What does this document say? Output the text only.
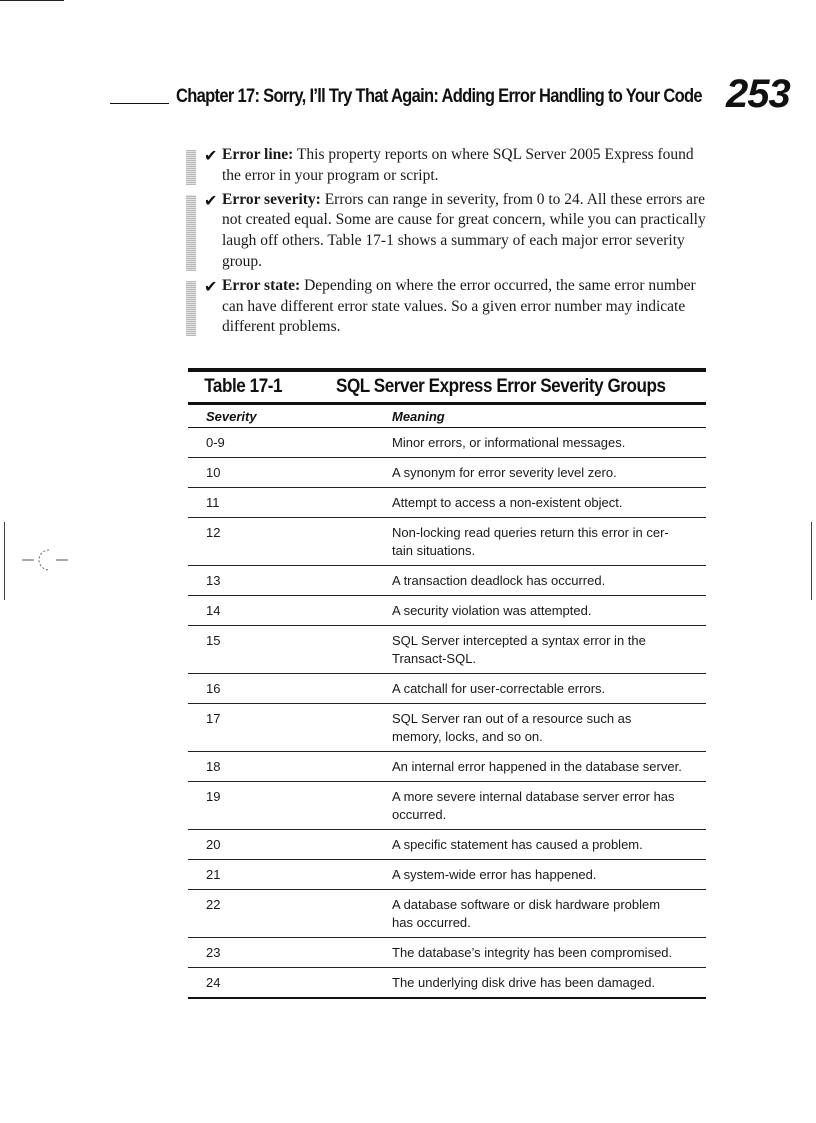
Chapter 17: Sorry, I’ll Try That Again: Adding Error Handling to Your Code 253
✔ Error line: This property reports on where SQL Server 2005 Express found the error in your program or script.
✔ Error severity: Errors can range in severity, from 0 to 24. All these errors are not created equal. Some are cause for great concern, while you can practically laugh off others. Table 17-1 shows a summary of each major error severity group.
✔ Error state: Depending on where the error occurred, the same error number can have different error state values. So a given error number may indicate different problems.
Table 17-1	SQL Server Express Error Severity Groups
Severity	Meaning
0-9	Minor errors, or informational messages.
10	A synonym for error severity level zero.
11	Attempt to access a non-existent object.
12	Non-locking read queries return this error in cer- tain situations.
13	A transaction deadlock has occurred.
14	A security violation was attempted.
15	SQL Server intercepted a syntax error in the Transact-SQL.
16	A catchall for user-correctable errors.
17	SQL Server ran out of a resource such as memory, locks, and so on.
18	An internal error happened in the database server.
19	A more severe internal database server error has occurred.
20	A specific statement has caused a problem.
21	A system-wide error has happened.
22	A database software or disk hardware problem has occurred.
23	The database’s integrity has been compromised.
24	The underlying disk drive has been damaged.
